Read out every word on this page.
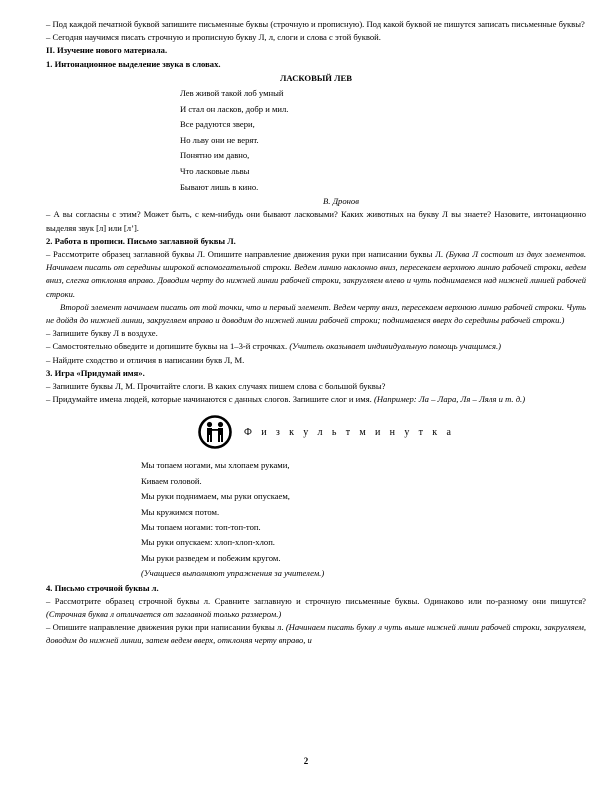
– Под каждой печатной буквой запишите письменные буквы (строчную и прописную). Под какой буквой не пишутся записать письменные буквы?

– Сегодня научимся писать строчную и прописную букву Л, л, слоги и слова с этой буквой.

II. Изучение нового материала.

1. Интонационное выделение звука в словах.

ЛАСКОВЫЙ ЛЕВ

Лев живой такой лоб умный
И стал он ласков, добр и мил.
Все радуются звери,
Но льву они не верят.
Понятно им давно,
Что ласковые львы
Бывают лишь в кино.

В. Дронов

– А вы согласны с этим? Может быть, с кем-нибудь они бывают ласковыми? Каких животных на букву Л вы знаете? Назовите, интонационно выделяя звук [л] или [л’].

2. Работа в прописи. Письмо заглавной буквы Л.

– Рассмотрите образец заглавной буквы Л. Опишите направление движения руки при написании буквы Л. (Буква Л состоит из двух элементов. Начинаем писать от середины широкой вспомогательной строки. Ведем линию наклонно вниз, пересекаем верхнюю линию рабочей строки, ведем вниз, слегка отклоняя вправо. Доводим черту до нижней линии рабочей строки, закругляем влево и чуть поднимаемся над нижней линией рабочей строки.

Второй элемент начинаем писать от той точки, что и первый элемент. Ведем черту вниз, пересекаем верхнюю линию рабочей строки. Чуть не дойдя до нижней линии, закругляем вправо и доводим до нижней линии рабочей строки; поднимаемся вверх до середины рабочей строки.)

– Запишите букву Л в воздухе.

– Самостоятельно обведите и допишите буквы на 1–3-й строчках. (Учитель оказывает индивидуальную помощь учащимся.)

– Найдите сходство и отличия в написании букв Л, М.

3. Игра «Придумай имя».

– Запишите буквы Л, М. Прочитайте слоги. В каких случаях пишем слова с большой буквы?

– Придумайте имена людей, которые начинаются с данных слогов. Запишите слог и имя. (Например: Ла – Лара, Ля – Ляля и т. д.)

Ф и з к у л ь т м и н у т к а
Мы топаем ногами, мы хлопаем руками,
Киваем головой.
Мы руки поднимаем, мы руки опускаем,
Мы кружимся потом.
Мы топаем ногами: топ-топ-топ.
Мы руки опускаем: хлоп-хлоп-хлоп.
Мы руки разведем и побежим кругом.
(Учащиеся выполняют упражнения за учителем.)

4. Письмо строчной буквы л.

– Рассмотрите образец строчной буквы л. Сравните заглавную и строчную письменные буквы. Одинаково или по-разному они пишутся? (Строчная буква л отличается от заглавной только размером.)

– Опишите направление движения руки при написании буквы л. (Начинаем писать букву л чуть выше нижней линии рабочей строки, закругляем, доводим до нижней линии, затем ведем вверх, отклоняя черту вправо, и

2
